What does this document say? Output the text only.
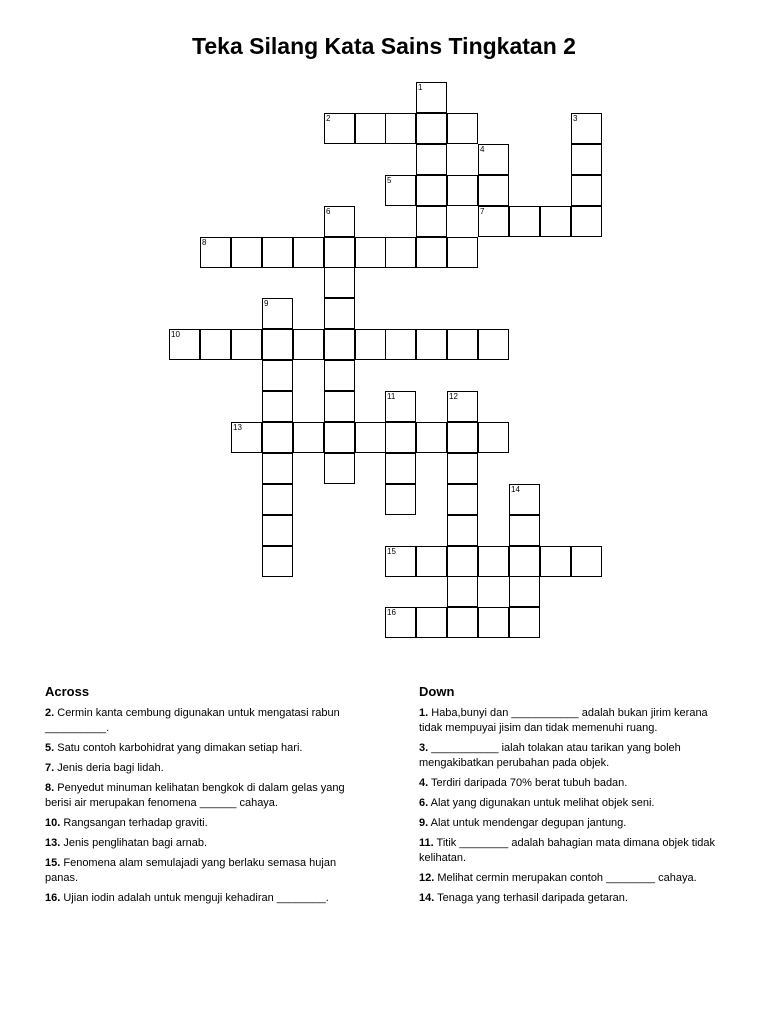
Teka Silang Kata Sains Tingkatan 2
1
2	3
4
5
6	7
8
9
10
11	12
13
14
15
16
Across

2. Cermin kanta cembung digunakan untuk mengatasi rabun __________.

5. Satu contoh karbohidrat yang dimakan setiap hari.

7. Jenis deria bagi lidah.

8. Penyedut minuman kelihatan bengkok di dalam gelas yang berisi air merupakan fenomena ______ cahaya.

10. Rangsangan terhadap graviti.

13. Jenis penglihatan bagi arnab.

15. Fenomena alam semulajadi yang berlaku semasa hujan panas.

16. Ujian iodin adalah untuk menguji kehadiran ________.

Down

1. Haba,bunyi dan ___________ adalah bukan jirim kerana tidak mempuyai jisim dan tidak memenuhi ruang.

3. ___________ ialah tolakan atau tarikan yang boleh mengakibatkan perubahan pada objek.

4. Terdiri daripada 70% berat tubuh badan.

6. Alat yang digunakan untuk melihat objek seni.

9. Alat untuk mendengar degupan jantung.

11. Titik ________ adalah bahagian mata dimana objek tidak kelihatan.

12. Melihat cermin merupakan contoh ________ cahaya.

14. Tenaga yang terhasil daripada getaran.
